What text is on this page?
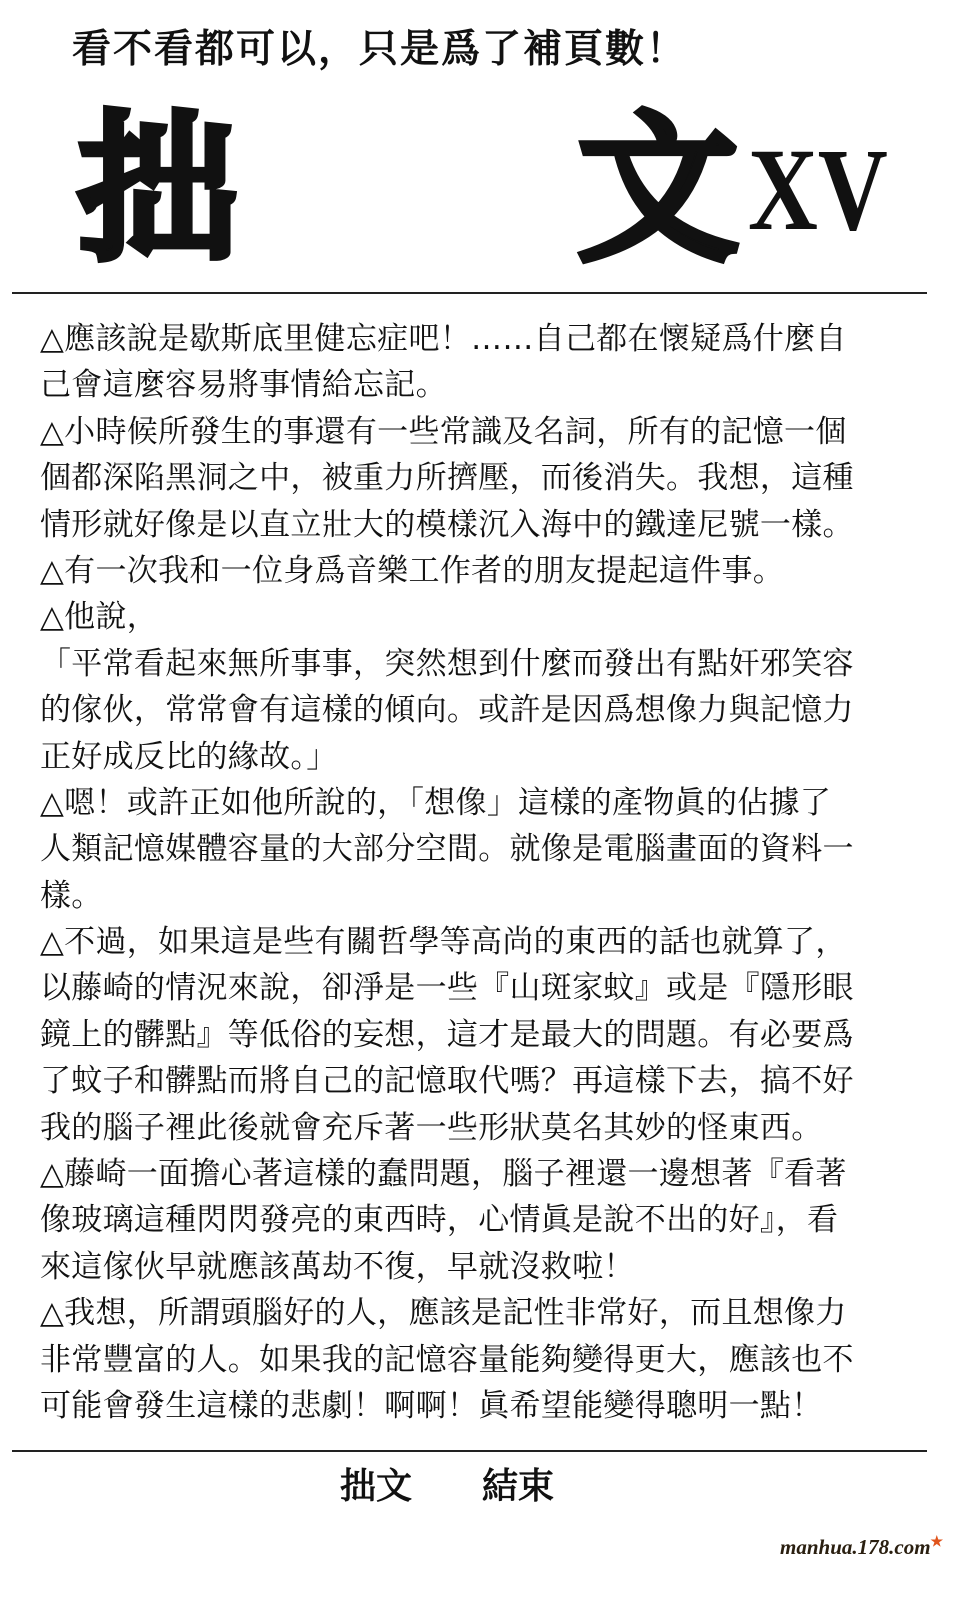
看不看都可以，只是爲了補頁數！
拙 文 XV
△應該說是歇斯底里健忘症吧！……自己都在懷疑爲什麼自
己會這麼容易將事情給忘記。
△小時候所發生的事還有一些常識及名詞，所有的記憶一個
個都深陷黑洞之中，被重力所擠壓，而後消失。我想，這種
情形就好像是以直立壯大的模樣沉入海中的鐵達尼號一樣。
△有一次我和一位身爲音樂工作者的朋友提起這件事。
△他說，
「平常看起來無所事事，突然想到什麼而發出有點奸邪笑容
的傢伙，常常會有這樣的傾向。或許是因爲想像力與記憶力
正好成反比的緣故。」
△嗯！或許正如他所說的，「想像」這樣的產物眞的佔據了
人類記憶媒體容量的大部分空間。就像是電腦畫面的資料一
樣。
△不過，如果這是些有關哲學等高尚的東西的話也就算了，
以藤崎的情況來說，卻淨是一些『山斑家蚊』或是『隱形眼
鏡上的髒點』等低俗的妄想，這才是最大的問題。有必要爲
了蚊子和髒點而將自己的記憶取代嗎？再這樣下去，搞不好
我的腦子裡此後就會充斥著一些形狀莫名其妙的怪東西。
△藤崎一面擔心著這樣的蠢問題，腦子裡還一邊想著『看著
像玻璃這種閃閃發亮的東西時，心情眞是說不出的好』，看
來這傢伙早就應該萬劫不復，早就沒救啦！
△我想，所謂頭腦好的人，應該是記性非常好，而且想像力
非常豐富的人。如果我的記憶容量能夠變得更大，應該也不
可能會發生這樣的悲劇！啊啊！眞希望能變得聰明一點！
拙文 結束
manhua.178.com★
